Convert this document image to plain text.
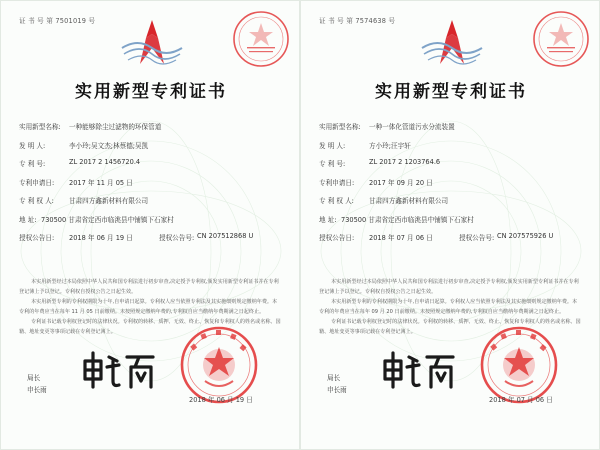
证 书 号 第 7501019 号
实用新型专利证书
实用新型名称: 一种能够除尘过滤物的环保管道
发 明 人:	李小玲;吴文杰;林蔡德;吴凯
专 利 号:	ZL 2017 2 1456720.4
专利申请日: 2017 年 11 月 05 日
专 利 权 人: 甘肃四方鑫新材料有限公司
地 址: 730500 甘肃省定西市临洮县中铺镇下石家村
授权公告日: 2018 年 06 月 19 日	授权公告号: CN 207512868 U

本实用新型经过本局依照中华人民共和国专利法进行初步审查,决定授予专利权,颁发实用新型专利证书并在专利登记簿上予以登记。专利权自授权公告之日起生效。

本实用新型专利的专利权期限为十年,自申请日起算。专利权人应当依照专利法及其实施细则规定缴纳年费。本专利的年费应当在每年 11 月 05 日前缴纳。未按照规定缴纳年费的,专利权自应当缴纳年费期满之日起终止。

专利证书记载专利权登记时的法律状况。专利权的转移、质押、无效、终止、恢复和专利权人的姓名或名称、国籍、地址变更等事项记载在专利登记簿上。

局长
申长雨
2018 年 06 月 19 日
证 书 号 第 7574638 号
实用新型专利证书
实用新型名称: 一种一体化管道污水分流装置
发 明 人:	方小玲;汪宇轩
专 利 号:	ZL 2017 2 1203764.6
专利申请日: 2017 年 09 月 20 日
专 利 权 人: 甘肃四方鑫新材料有限公司
地 址: 730500 甘肃省定西市临洮县中铺镇下石家村
授权公告日: 2018 年 07 月 06 日	授权公告号: CN 207575926 U

本实用新型经过本局依照中华人民共和国专利法进行初步审查,决定授予专利权,颁发实用新型专利证书并在专利登记簿上予以登记。专利权自授权公告之日起生效。

本实用新型专利的专利权期限为十年,自申请日起算。专利权人应当依照专利法及其实施细则规定缴纳年费。本专利的年费应当在每年 09 月 20 日前缴纳。未按照规定缴纳年费的,专利权自应当缴纳年费期满之日起终止。

专利证书记载专利权登记时的法律状况。专利权的转移、质押、无效、终止、恢复和专利权人的姓名或名称、国籍、地址变更等事项记载在专利登记簿上。

局长
申长雨
2018 年 07 月 06 日
